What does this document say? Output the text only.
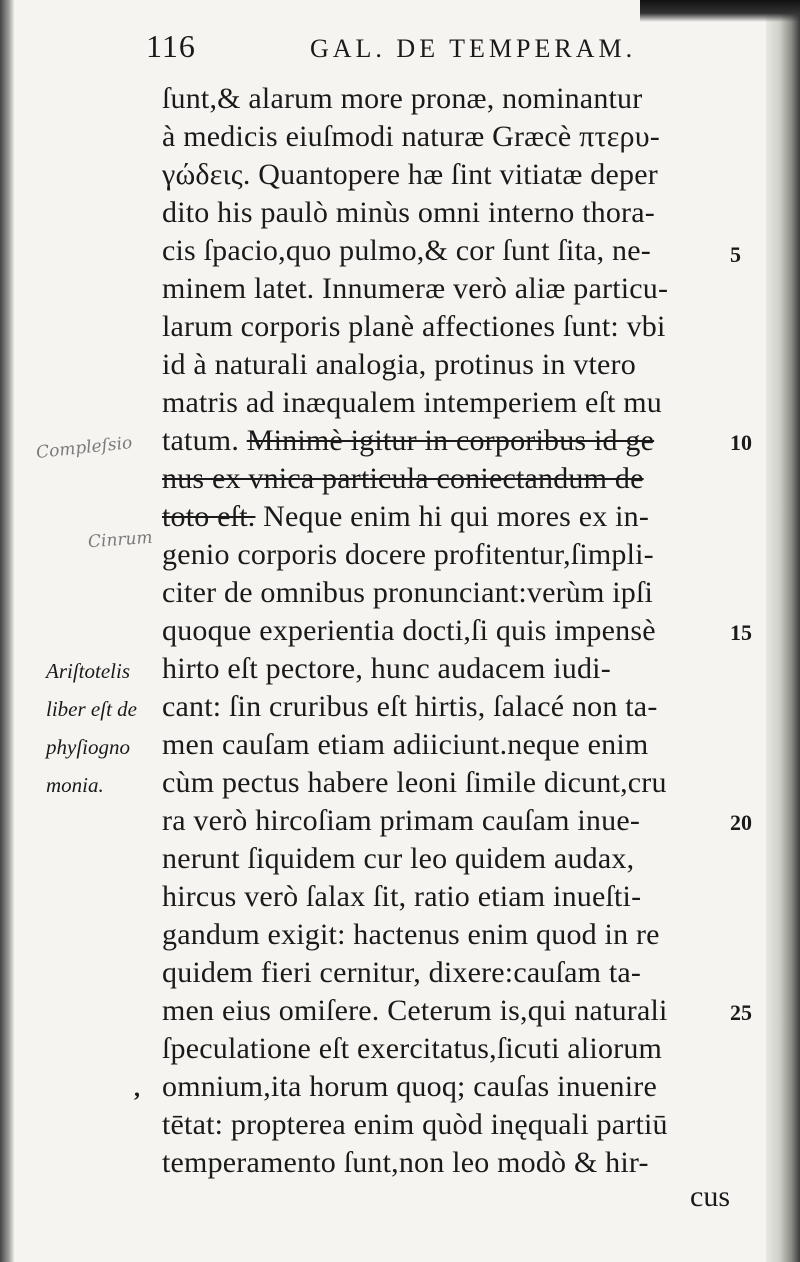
116	GAL. DE TEMPERAM.
ſunt,& alarum more pronæ, nominantur
à medicis eiuſmodi naturæ Græcè πτερυ-
γώδεις. Quantopere hæ ſint vitiatæ deper
dito his paulò minùs omni interno thora-
cis ſpacio,quo pulmo,& cor ſunt ſita, ne-
minem latet. Innumeræ verò aliæ particu-
larum corporis planè affectiones ſunt: vbi
id à naturali analogia, protinus in vtero
matris ad inæqualem intemperiem eſt mu
tatum. Minimè igitur in corporibus id ge
nus ex vnica particula coniectandum de
toto eſt. Neque enim hi qui mores ex in-
genio corporis docere profitentur,ſimpli-
citer de omnibus pronunciant:verùm ipſi
quoque experientia docti,ſi quis impensè
hirto eſt pectore, hunc audacem iudi-
cant: ſin cruribus eſt hirtis, ſalacé non ta-
men cauſam etiam adiiciunt.neque enim
cùm pectus habere leoni ſimile dicunt,cru
ra verò hircoſiam primam cauſam inue-
nerunt ſiquidem cur leo quidem audax,
hircus verò ſalax ſit, ratio etiam inueſti-
gandum exigit: hactenus enim quod in re
quidem fieri cernitur, dixere:cauſam ta-
men eius omiſere. Ceterum is,qui naturali
ſpeculatione eſt exercitatus,ſicuti aliorum
omnium,ita horum quoq; cauſas inuenire
tētat: propterea enim quòd inęquali partiū
temperamento ſunt,non leo modò & hir-
cus
5
10
15
20
25
Ariſtotelis
liber eſt de
phyſiogno
monia.
Compleſsio
Cinrum
,
